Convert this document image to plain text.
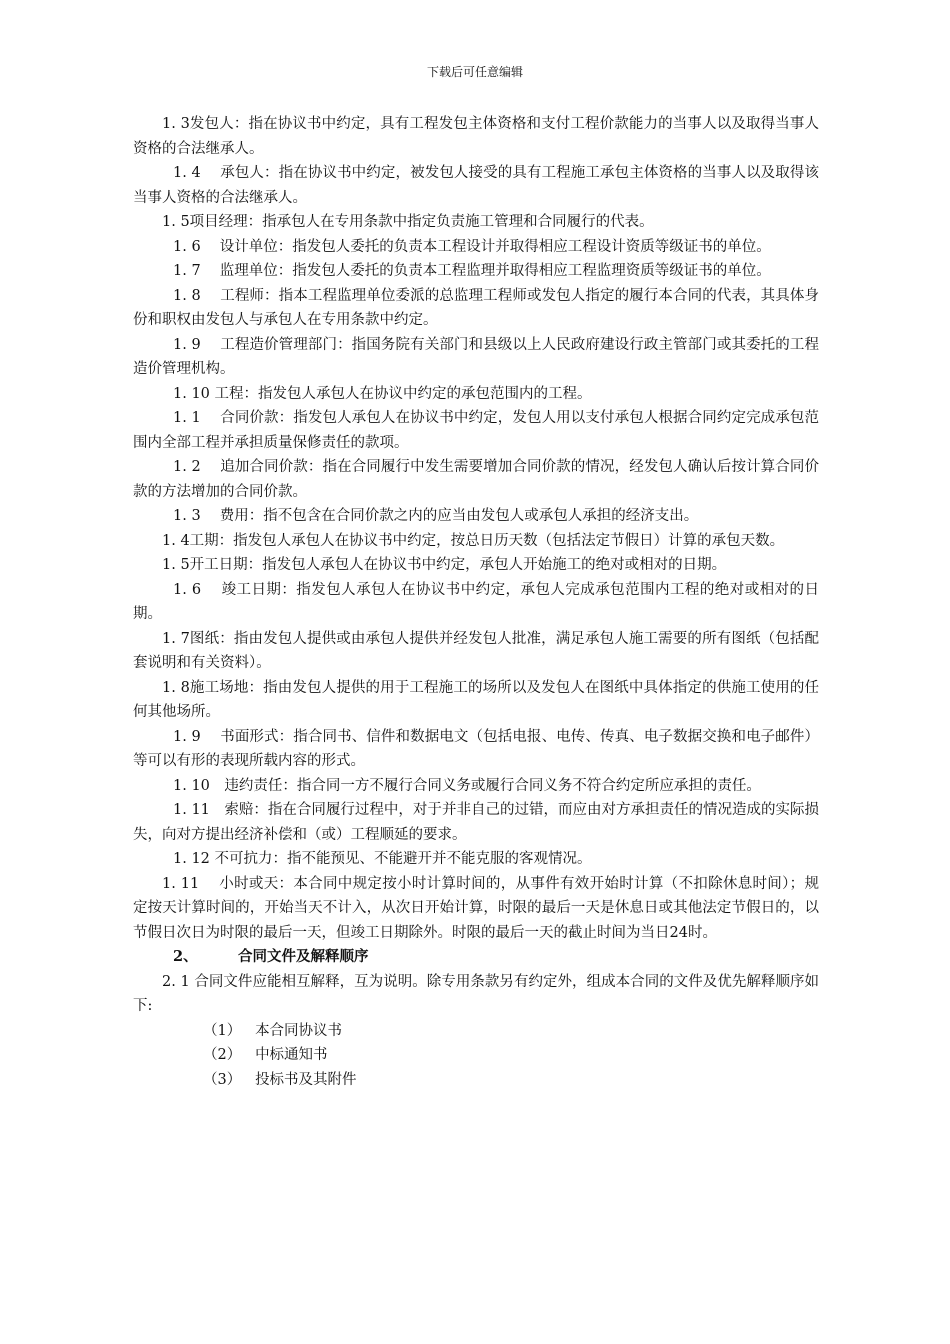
下载后可任意编辑

1. 3发包人：指在协议书中约定，具有工程发包主体资格和支付工程价款能力的当事人以及取得当事人资格的合法继承人。

1. 4　 承包人：指在协议书中约定，被发包人接受的具有工程施工承包主体资格的当事人以及取得该当事人资格的合法继承人。

1. 5项目经理：指承包人在专用条款中指定负责施工管理和合同履行的代表。

1. 6　 设计单位：指发包人委托的负责本工程设计并取得相应工程设计资质等级证书的单位。

1. 7　 监理单位：指发包人委托的负责本工程监理并取得相应工程监理资质等级证书的单位。

1. 8　 工程师：指本工程监理单位委派的总监理工程师或发包人指定的履行本合同的代表，其具体身份和职权由发包人与承包人在专用条款中约定。

1. 9　 工程造价管理部门：指国务院有关部门和县级以上人民政府建设行政主管部门或其委托的工程造价管理机构。

1. 10 工程：指发包人承包人在协议中约定的承包范围内的工程。

1. 1　 合同价款：指发包人承包人在协议书中约定，发包人用以支付承包人根据合同约定完成承包范围内全部工程并承担质量保修责任的款项。

1. 2　 追加合同价款：指在合同履行中发生需要增加合同价款的情况，经发包人确认后按计算合同价款的方法增加的合同价款。

1. 3　 费用：指不包含在合同价款之内的应当由发包人或承包人承担的经济支出。

1. 4工期：指发包人承包人在协议书中约定，按总日历天数（包括法定节假日）计算的承包天数。

1. 5开工日期：指发包人承包人在协议书中约定，承包人开始施工的绝对或相对的日期。

1. 6　 竣工日期：指发包人承包人在协议书中约定，承包人完成承包范围内工程的绝对或相对的日期。

1. 7图纸：指由发包人提供或由承包人提供并经发包人批准，满足承包人施工需要的所有图纸（包括配套说明和有关资料）。

1. 8施工场地：指由发包人提供的用于工程施工的场所以及发包人在图纸中具体指定的供施工使用的任何其他场所。

1. 9　 书面形式：指合同书、信件和数据电文（包括电报、电传、传真、电子数据交换和电子邮件）等可以有形的表现所载内容的形式。

1. 10　违约责任：指合同一方不履行合同义务或履行合同义务不符合约定所应承担的责任。

1. 11　索赔：指在合同履行过程中，对于并非自己的过错，而应由对方承担责任的情况造成的实际损失，向对方提出经济补偿和（或）工程顺延的要求。

1. 12 不可抗力：指不能预见、不能避开并不能克服的客观情况。

1. 11　 小时或天：本合同中规定按小时计算时间的，从事件有效开始时计算（不扣除休息时间）；规定按天计算时间的，开始当天不计入，从次日开始计算，时限的最后一天是休息日或其他法定节假日的，以节假日次日为时限的最后一天，但竣工日期除外。时限的最后一天的截止时间为当日24时。

2、	合同文件及解释顺序

2. 1 合同文件应能相互解释，互为说明。除专用条款另有约定外，组成本合同的文件及优先解释顺序如下:

（1） 本合同协议书

（2） 中标通知书

（3） 投标书及其附件
